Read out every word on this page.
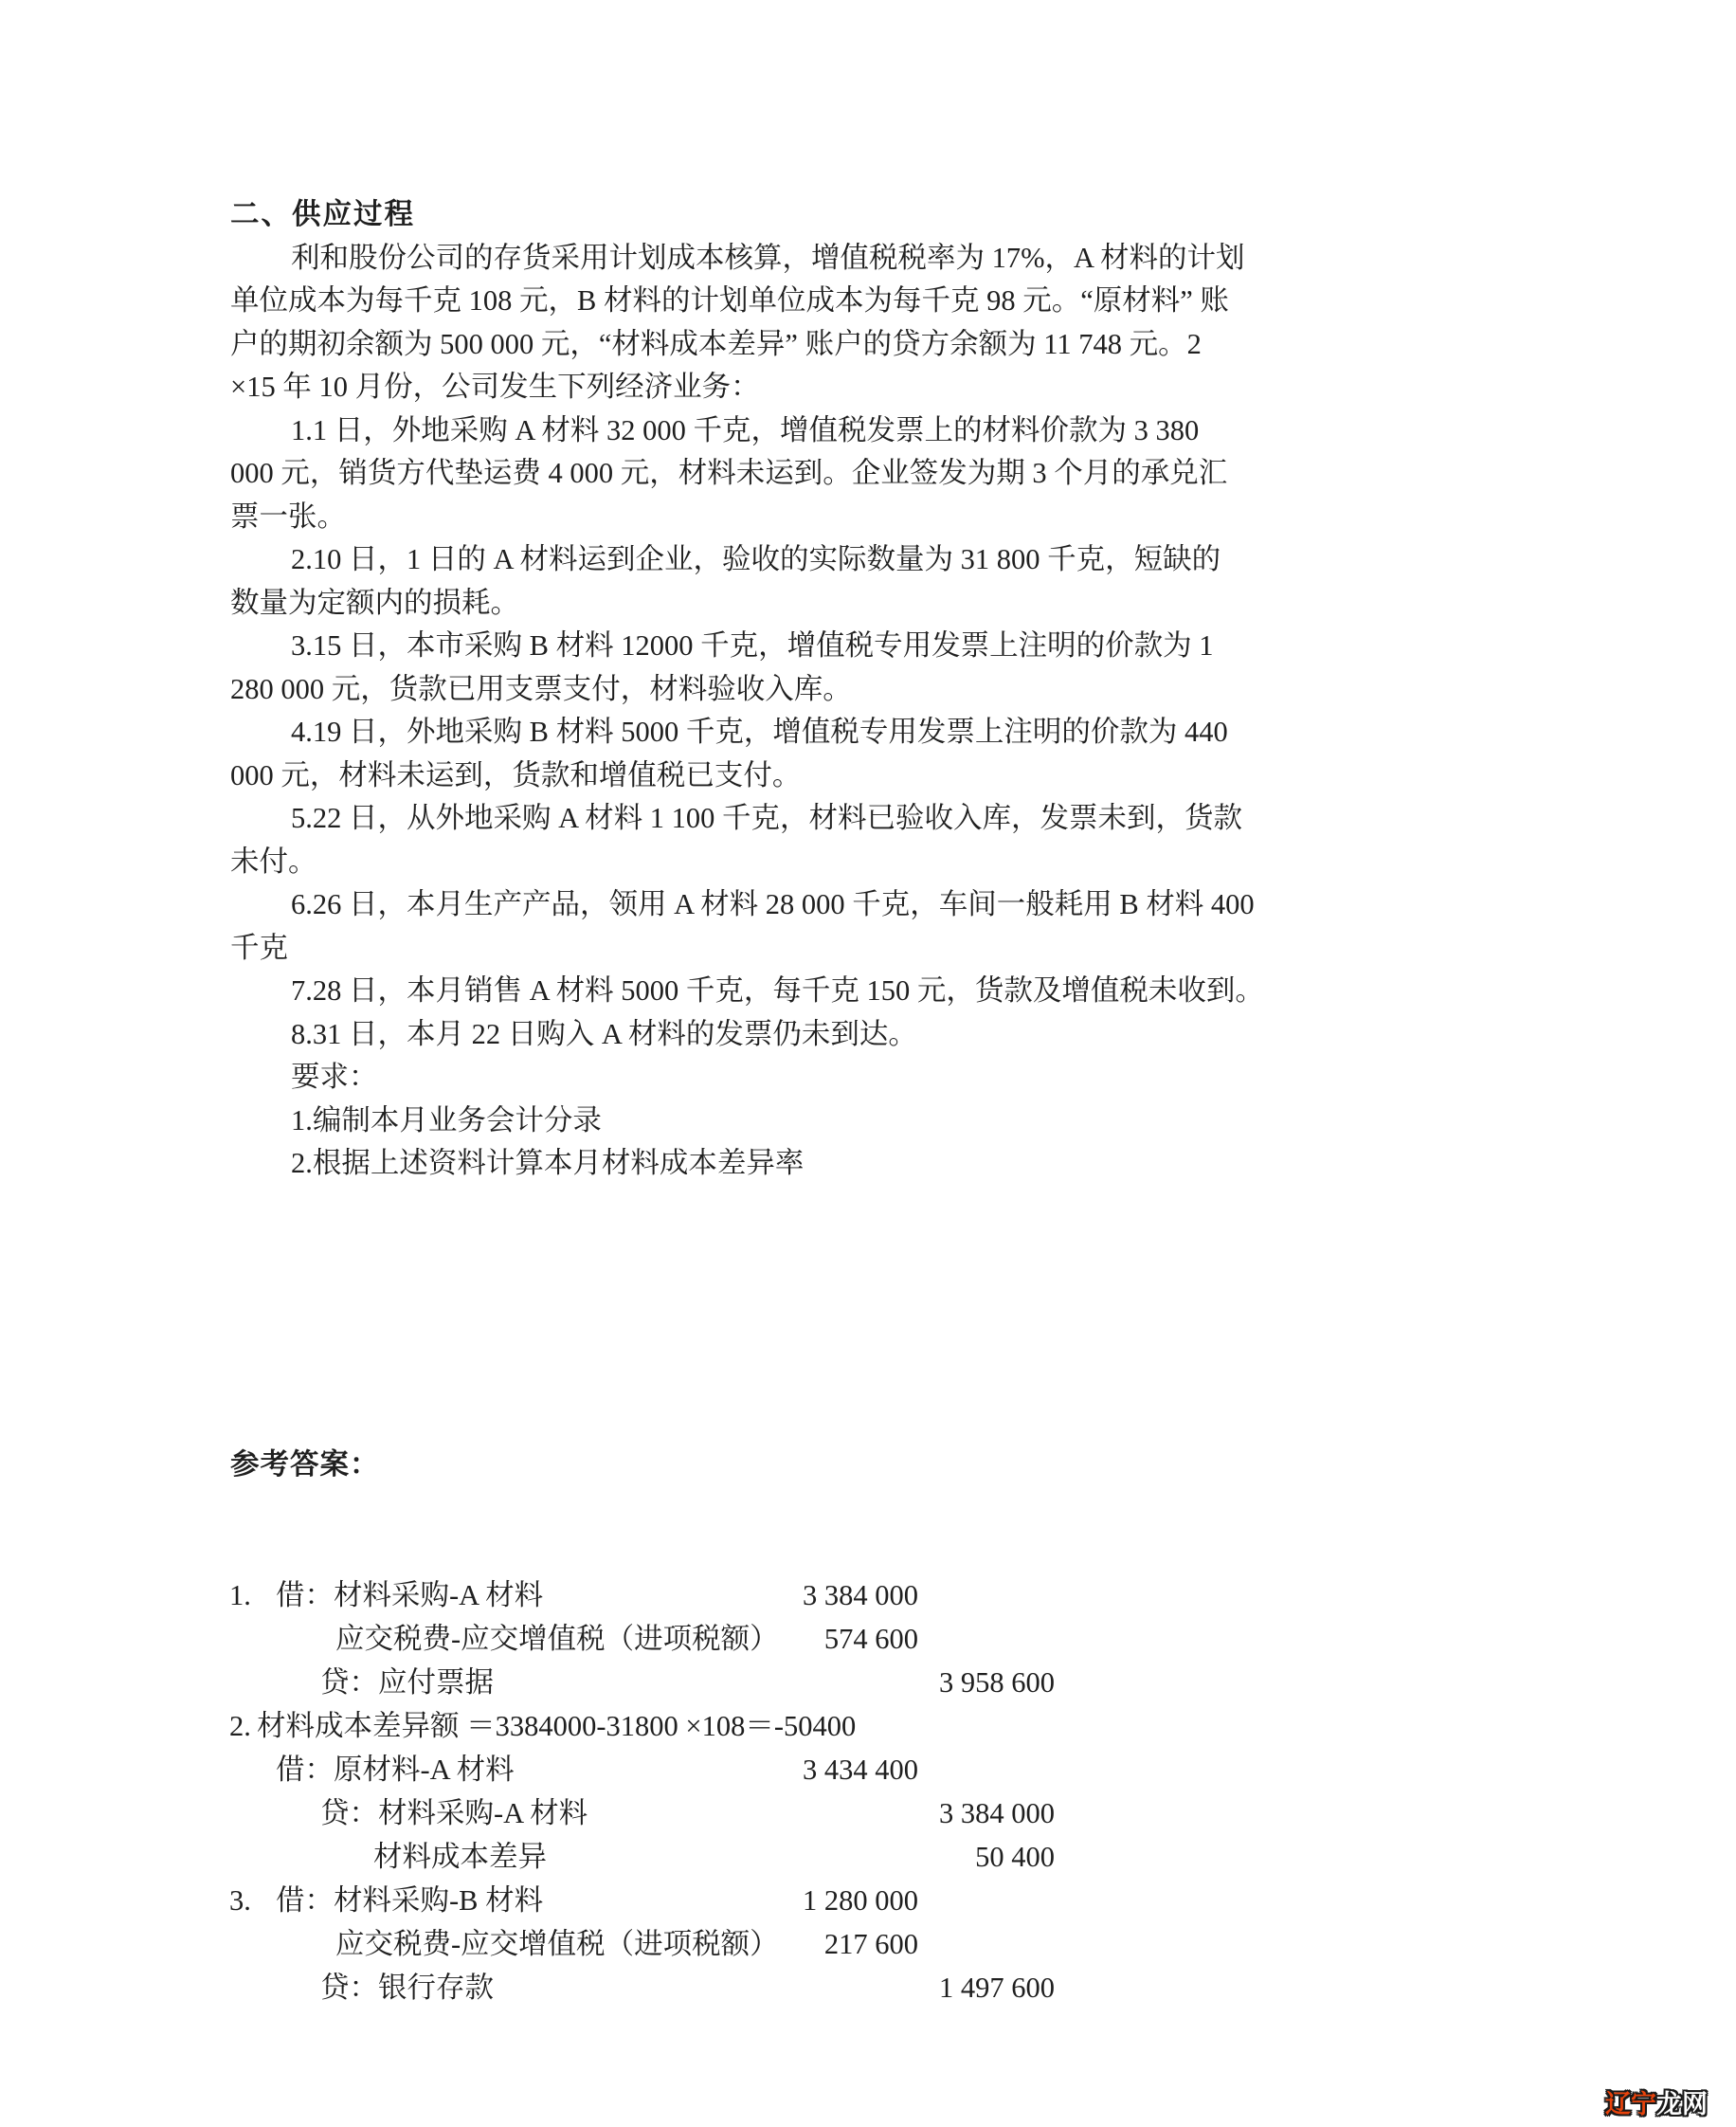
二、供应过程
利和股份公司的存货采用计划成本核算，增值税税率为 17%，A 材料的计划
单位成本为每千克 108 元，B 材料的计划单位成本为每千克 98 元。“原材料” 账
户的期初余额为 500 000 元，“材料成本差异” 账户的贷方余额为 11 748 元。2
×15 年 10 月份，公司发生下列经济业务：
1.1 日，外地采购 A 材料 32 000 千克，增值税发票上的材料价款为 3 380
000 元，销货方代垫运费 4 000 元，材料未运到。企业签发为期 3 个月的承兑汇
票一张。
2.10 日，1 日的 A 材料运到企业，验收的实际数量为 31 800 千克，短缺的
数量为定额内的损耗。
3.15 日，本市采购 B 材料 12000 千克，增值税专用发票上注明的价款为 1
280 000 元，货款已用支票支付，材料验收入库。
4.19 日，外地采购 B 材料 5000 千克，增值税专用发票上注明的价款为 440
000 元，材料未运到，货款和增值税已支付。
5.22 日，从外地采购 A 材料 1 100 千克，材料已验收入库，发票未到，货款
未付。
6.26 日，本月生产产品，领用 A 材料 28 000 千克，车间一般耗用 B 材料 400
千克
7.28 日，本月销售 A 材料 5000 千克，每千克 150 元，货款及增值税未收到。
8.31 日，本月 22 日购入 A 材料的发票仍未到达。
要求：
1.编制本月业务会计分录
2.根据上述资料计算本月材料成本差异率

参考答案：

1. 借：材料采购-A 材料	3 384 000
应交税费-应交增值税（进项税额）	574 600
贷：应付票据	3 958 600
2. 材料成本差异额 ＝3384000-31800 ×108＝-50400
借：原材料-A 材料	3 434 400
贷：材料采购-A 材料	3 384 000
材料成本差异	50 400
3. 借：材料采购-B 材料	1 280 000
应交税费-应交增值税（进项税额）	217 600
贷：银行存款	1 497 600
辽宁龙网
